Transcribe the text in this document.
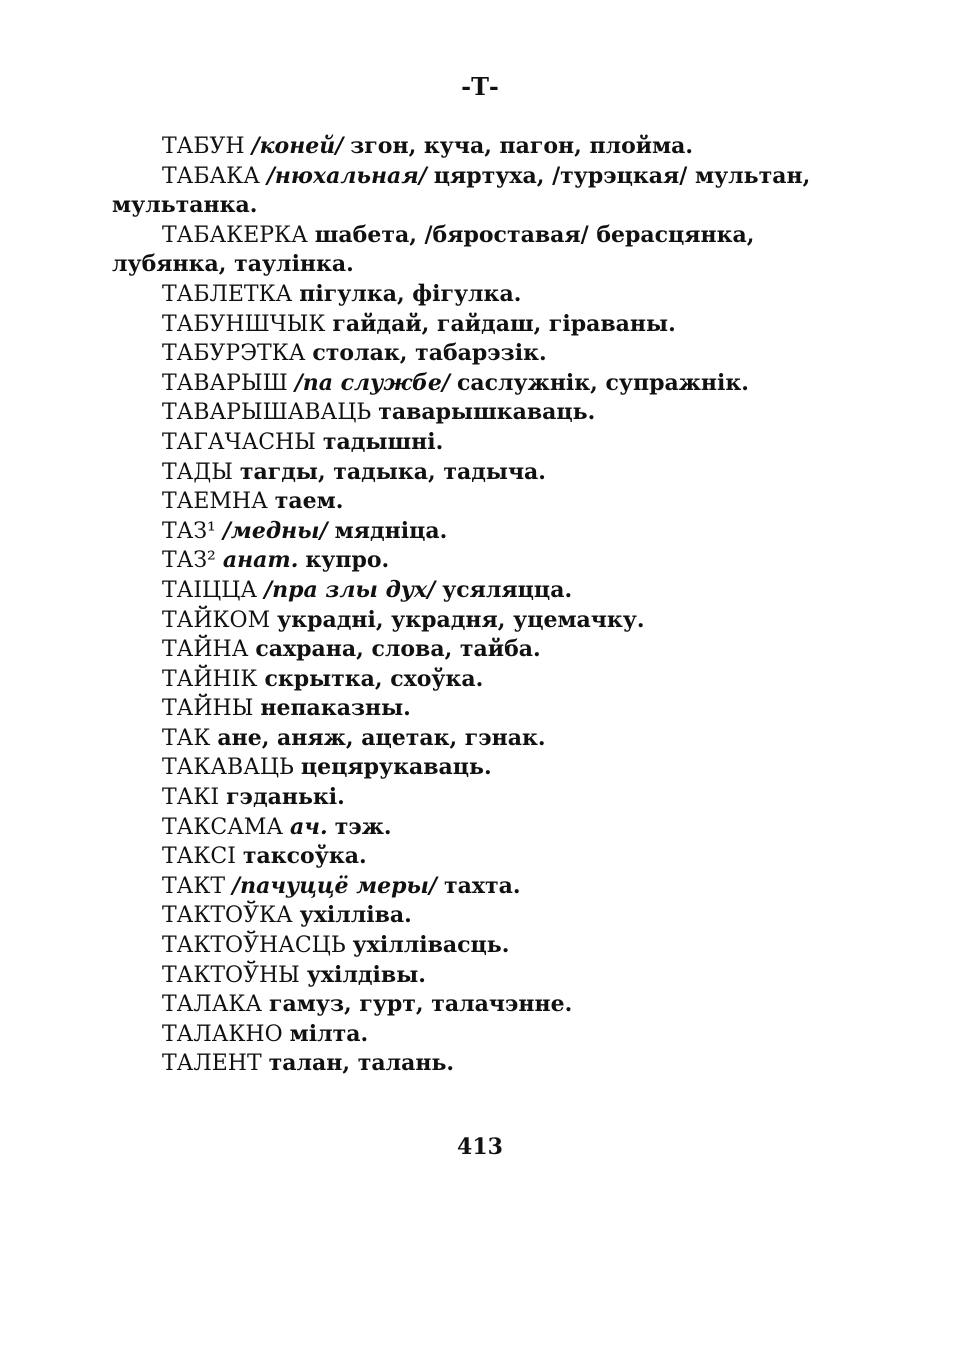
-Т-

ТАБУН /коней/ згон, куча, пагон, плойма.

ТАБАКА /нюхальная/ цяртуха, /турэцкая/ мультан, мультанка.

ТАБАКЕРКА шабета, /бяроставая/ берасцянка, лубянка, таулінка.

ТАБЛЕТКА пігулка, фігулка.

ТАБУНШЧЫК гайдай, гайдаш, гіраваны.

ТАБУРЭТКА столак, табарэзік.

ТАВАРЫШ /па службе/ саслужнік, супражнік.

ТАВАРЫШАВАЦЬ таварышкаваць.

ТАГАЧАСНЫ тадышні.

ТАДЫ тагды, тадыка, тадыча.

ТАЕМНА таем.

ТАЗ¹ /медны/ мядніца.

ТАЗ² анат. купро.

ТАІЦЦА /пра злы дух/ усяляцца.

ТАЙКОМ украдні, украдня, уцемачку.

ТАЙНА сахрана, слова, тайба.

ТАЙНІК скрытка, схоўка.

ТАЙНЫ непаказны.

ТАК ане, аняж, ацетак, гэнак.

ТАКАВАЦЬ цецярукаваць.

ТАКІ гэданькі.

ТАКСАМА ач. тэж.

ТАКСІ таксоўка.

ТАКТ /пачуццё меры/ тахта.

ТАКТОЎКА ухілліва.

ТАКТОЎНАСЦЬ ухіллівасць.

ТАКТОЎНЫ ухілдівы.

ТАЛАКА гамуз, гурт, талачэнне.

ТАЛАКНО мілта.

ТАЛЕНТ талан, талань.

413
